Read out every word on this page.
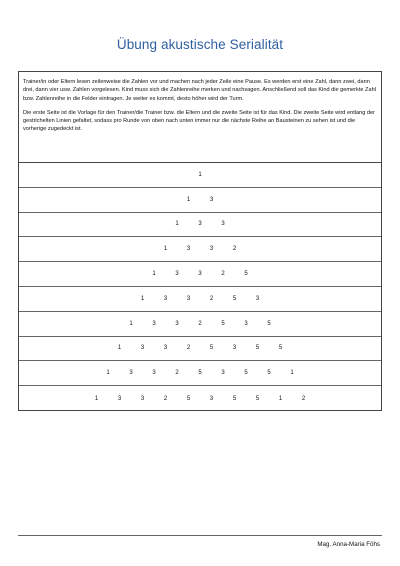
Übung akustische Serialität

Trainer/in oder Eltern lesen zeilenweise die Zahlen vor und machen nach jeder Zeile eine Pause. Es werden erst eine Zahl, dann zwei, dann drei, dann vier usw. Zahlen vorgelesen. Kind muss sich die Zahlenreihe merken und nachsagen. Anschließend soll das Kind die gemerkte Zahl bzw. Zahlenreihe in die Felder eintragen. Je weiter es kommt, desto höher wird der Turm.

Die erste Seite ist die Vorlage für den Trainer/die Trainer bzw. die Eltern und die zweite Seite ist für das Kind. Die zweite Seite wird entlang der gestrichelten Linien gefaltet, sodass pro Runde von oben nach unten immer nur die nächste Reihe an Bausteinen zu sehen ist und die vorherige zugedeckt ist.

1
1	3
1	3	3
1	3	3	2
1	3	3	2	5
1	3	3	2	5	3
1	3	3	2	5	3	5
1	3	3	2	5	3	5	5
1	3	3	2	5	3	5	5	1
1	3	3	2	5	3	5	5	1	2
Mag. Anna-Maria Föhs
